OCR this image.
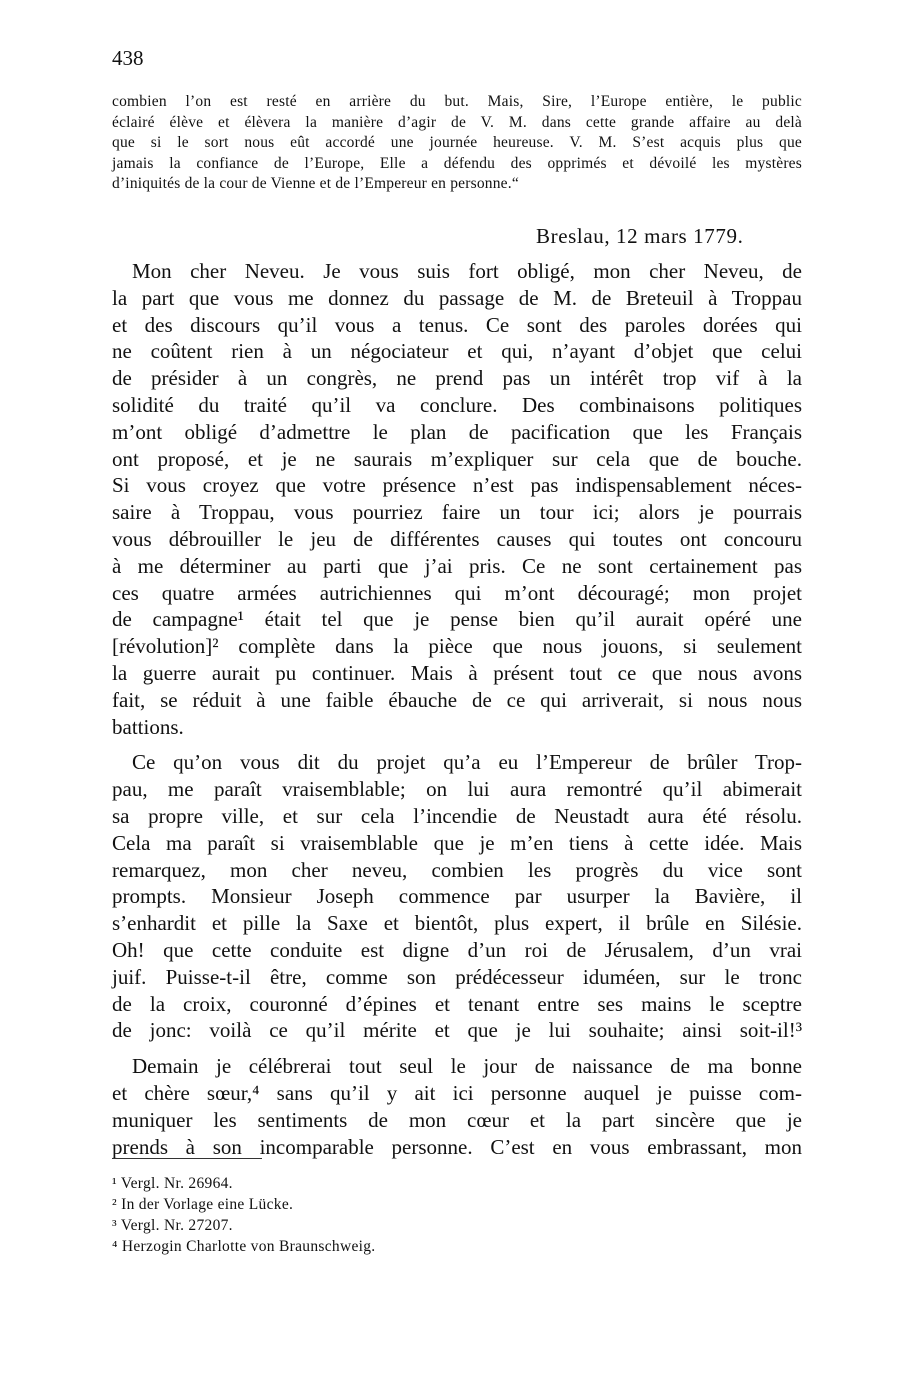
438
combien l’on est resté en arrière du but. Mais, Sire, l’Europe entière, le public
éclairé élève et élèvera la manière d’agir de V. M. dans cette grande affaire au delà
que si le sort nous eût accordé une journée heureuse. V. M. S’est acquis plus que
jamais la confiance de l’Europe, Elle a défendu des opprimés et dévoilé les mystères
d’iniquités de la cour de Vienne et de l’Empereur en personne.“
Breslau, 12 mars 1779.
Mon cher Neveu. Je vous suis fort obligé, mon cher Neveu, de
la part que vous me donnez du passage de M. de Breteuil à Troppau
et des discours qu’il vous a tenus. Ce sont des paroles dorées qui
ne coûtent rien à un négociateur et qui, n’ayant d’objet que celui
de présider à un congrès, ne prend pas un intérêt trop vif à la
solidité du traité qu’il va conclure. Des combinaisons politiques
m’ont obligé d’admettre le plan de pacification que les Français
ont proposé, et je ne saurais m’expliquer sur cela que de bouche.
Si vous croyez que votre présence n’est pas indispensablement néces-
saire à Troppau, vous pourriez faire un tour ici; alors je pourrais
vous débrouiller le jeu de différentes causes qui toutes ont concouru
à me déterminer au parti que j’ai pris. Ce ne sont certainement pas
ces quatre armées autrichiennes qui m’ont découragé; mon projet
de campagne¹ était tel que je pense bien qu’il aurait opéré une
[révolution]² complète dans la pièce que nous jouons, si seulement
la guerre aurait pu continuer. Mais à présent tout ce que nous avons
fait, se réduit à une faible ébauche de ce qui arriverait, si nous nous
battions.
Ce qu’on vous dit du projet qu’a eu l’Empereur de brûler Trop-
pau, me paraît vraisemblable; on lui aura remontré qu’il abimerait
sa propre ville, et sur cela l’incendie de Neustadt aura été résolu.
Cela ma paraît si vraisemblable que je m’en tiens à cette idée. Mais
remarquez, mon cher neveu, combien les progrès du vice sont
prompts. Monsieur Joseph commence par usurper la Bavière, il
s’enhardit et pille la Saxe et bientôt, plus expert, il brûle en Silésie.
Oh! que cette conduite est digne d’un roi de Jérusalem, d’un vrai
juif. Puisse-t-il être, comme son prédécesseur iduméen, sur le tronc
de la croix, couronné d’épines et tenant entre ses mains le sceptre
de jonc: voilà ce qu’il mérite et que je lui souhaite; ainsi soit-il!³
Demain je célébrerai tout seul le jour de naissance de ma bonne
et chère sœur,⁴ sans qu’il y ait ici personne auquel je puisse com-
muniquer les sentiments de mon cœur et la part sincère que je
prends à son incomparable personne. C’est en vous embrassant, mon
¹ Vergl. Nr. 26964.
² In der Vorlage eine Lücke.
³ Vergl. Nr. 27207.
⁴ Herzogin Charlotte von Braunschweig.
